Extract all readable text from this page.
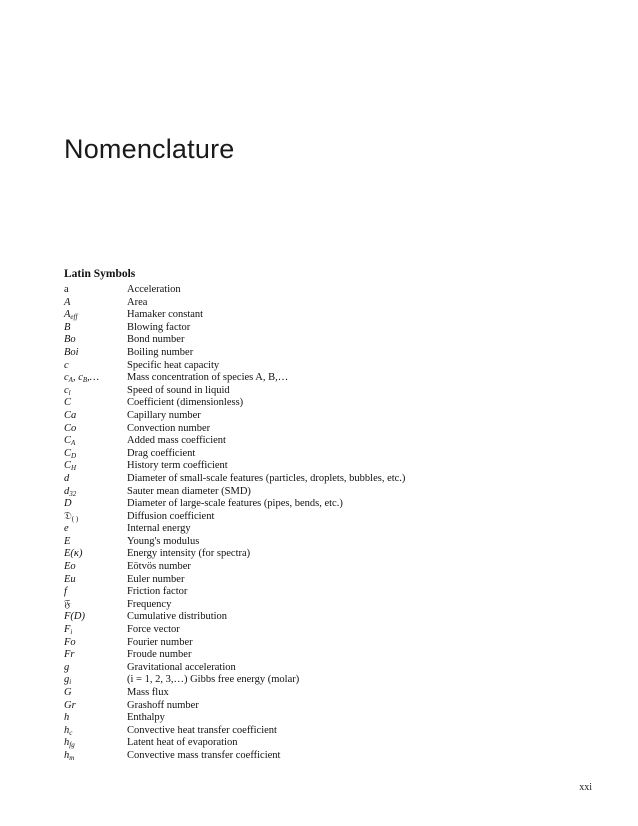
Nomenclature
Latin Symbols
a	Acceleration
A	Area
$A_{eff}$	Hamaker constant
B	Blowing factor
Bo	Bond number
Boi	Boiling number
c	Specific heat capacity
$c_A$, $c_B,\dots$	Mass concentration of species A, B,…
$c_l$	Speed of sound in liquid
C	Coefficient (dimensionless)
Ca	Capillary number
Co	Convection number
$C_A$	Added mass coefficient
$C_D$	Drag coefficient
$C_H$	History term coefficient
d	Diameter of small-scale features (particles, droplets, bubbles, etc.)
$d_{32}$	Sauter mean diameter (SMD)
D	Diameter of large-scale features (pipes, bends, etc.)
𝔇$_{( )}$	Diffusion coefficient
e	Internal energy
E	Young's modulus
E(κ)	Energy intensity (for spectra)
Eo	Eötvös number
Eu	Euler number
f	Friction factor
𝔉	Frequency
F(D)	Cumulative distribution
$F_i$	Force vector
Fo	Fourier number
Fr	Froude number
g	Gravitational acceleration
$g_i$	(i = 1, 2, 3,…) Gibbs free energy (molar)
G	Mass flux
Gr	Grashoff number
h	Enthalpy
$h_c$	Convective heat transfer coefficient
$h_{fg}$	Latent heat of evaporation
$h_m$	Convective mass transfer coefficient
xxi
